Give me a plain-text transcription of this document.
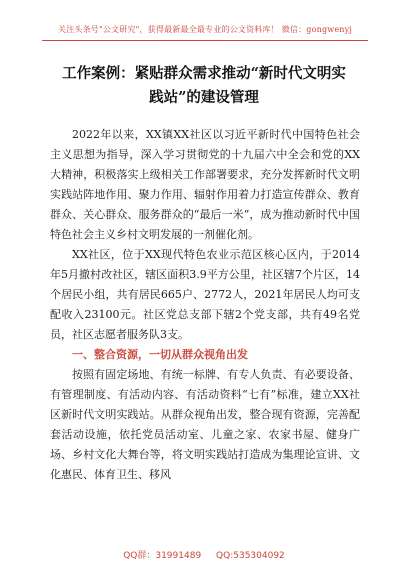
关注头条号"公文研究"，获得最新最全最专业的公文资料库！ 微信：gongwenyj
工作案例：紧贴群众需求推动“新时代文明实践站”的建设管理

2022年以来，XX镇XX社区以习近平新时代中国特色社会主义思想为指导，深入学习贯彻党的十九届六中全会和党的XX大精神，积极落实上级相关工作部署要求，充分发挥新时代文明实践站阵地作用、聚力作用、辐射作用着力打造宣传群众、教育群众、关心群众、服务群众的“最后一米”，成为推动新时代中国特色社会主义乡村文明发展的一剂催化剂。

XX社区，位于XX现代特色农业示范区核心区内，于2014年5月撤村改社区，辖区面积3.9平方公里，社区辖7个片区，14个居民小组，共有居民665户、2772人，2021年居民人均可支配收入23100元。社区党总支部下辖2个党支部，共有49名党员，社区志愿者服务队3支。

一、整合资源，一切从群众视角出发

按照有固定场地、有统一标牌、有专人负责、有必要设备、有管理制度、有活动内容、有活动资料“七有”标准，建立XX社区新时代文明实践站。从群众视角出发，整合现有资源，完善配套活动设施，依托党员活动室、儿童之家、农家书屋、健身广场、乡村文化大舞台等，将文明实践站打造成为集理论宣讲、文化惠民、体育卫生、移风

QQ群：31991489 QQ:535304092
